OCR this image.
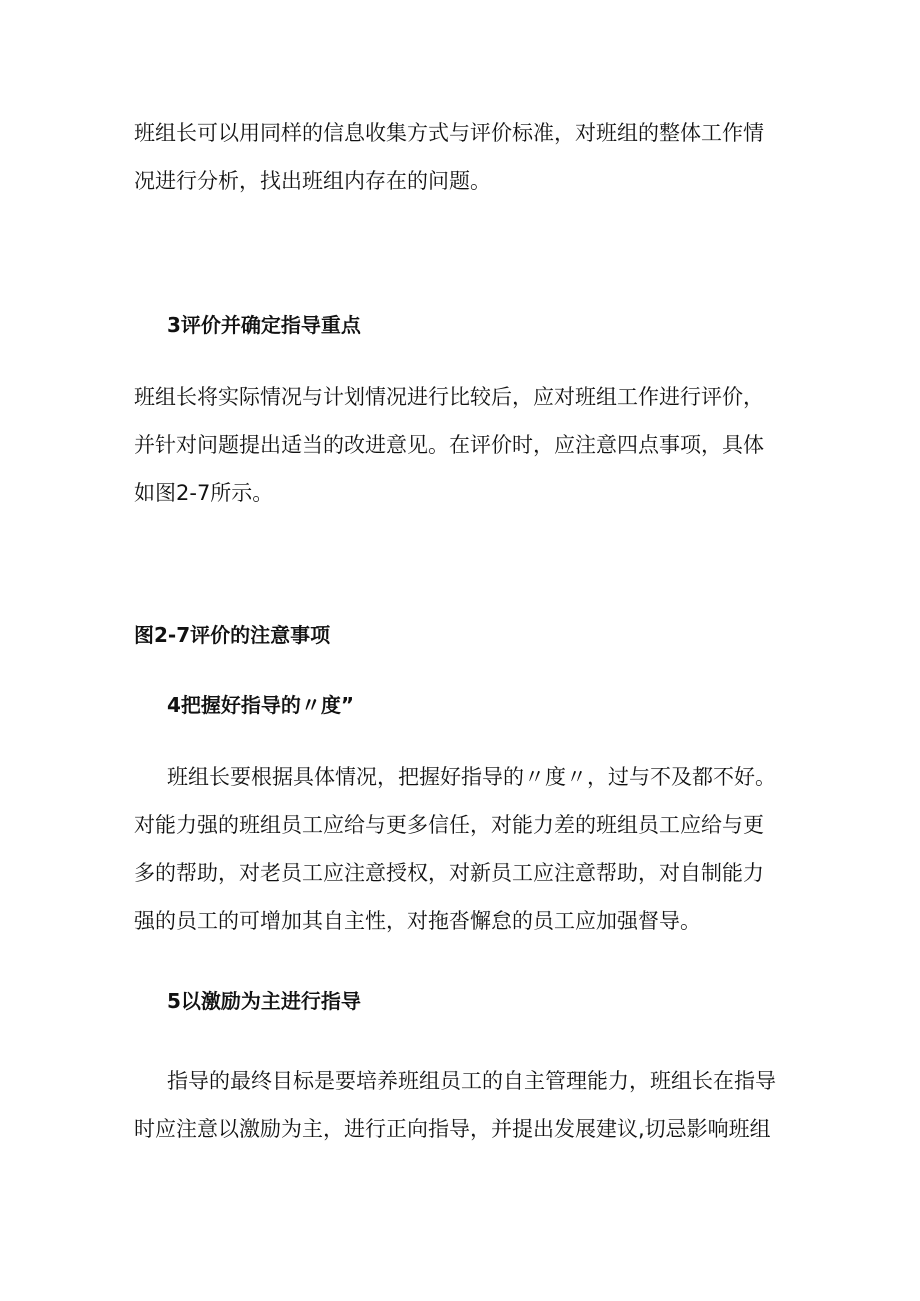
班组长可以用同样的信息收集方式与评价标准，对班组的整体工作情
况进行分析，找出班组内存在的问题。
3评价并确定指导重点
班组长将实际情况与计划情况进行比较后，应对班组工作进行评价，
并针对问题提出适当的改进意见。在评价时，应注意四点事项，具体
如图2-7所示。
图2-7评价的注意事项
4把握好指导的〃度”
班组长要根据具体情况，把握好指导的〃度〃，过与不及都不好。
对能力强的班组员工应给与更多信任，对能力差的班组员工应给与更
多的帮助，对老员工应注意授权，对新员工应注意帮助，对自制能力
强的员工的可增加其自主性，对拖沓懈怠的员工应加强督导。
5以激励为主进行指导
指导的最终目标是要培养班组员工的自主管理能力，班组长在指导
时应注意以激励为主，进行正向指导，并提出发展建议,切忌影响班组
